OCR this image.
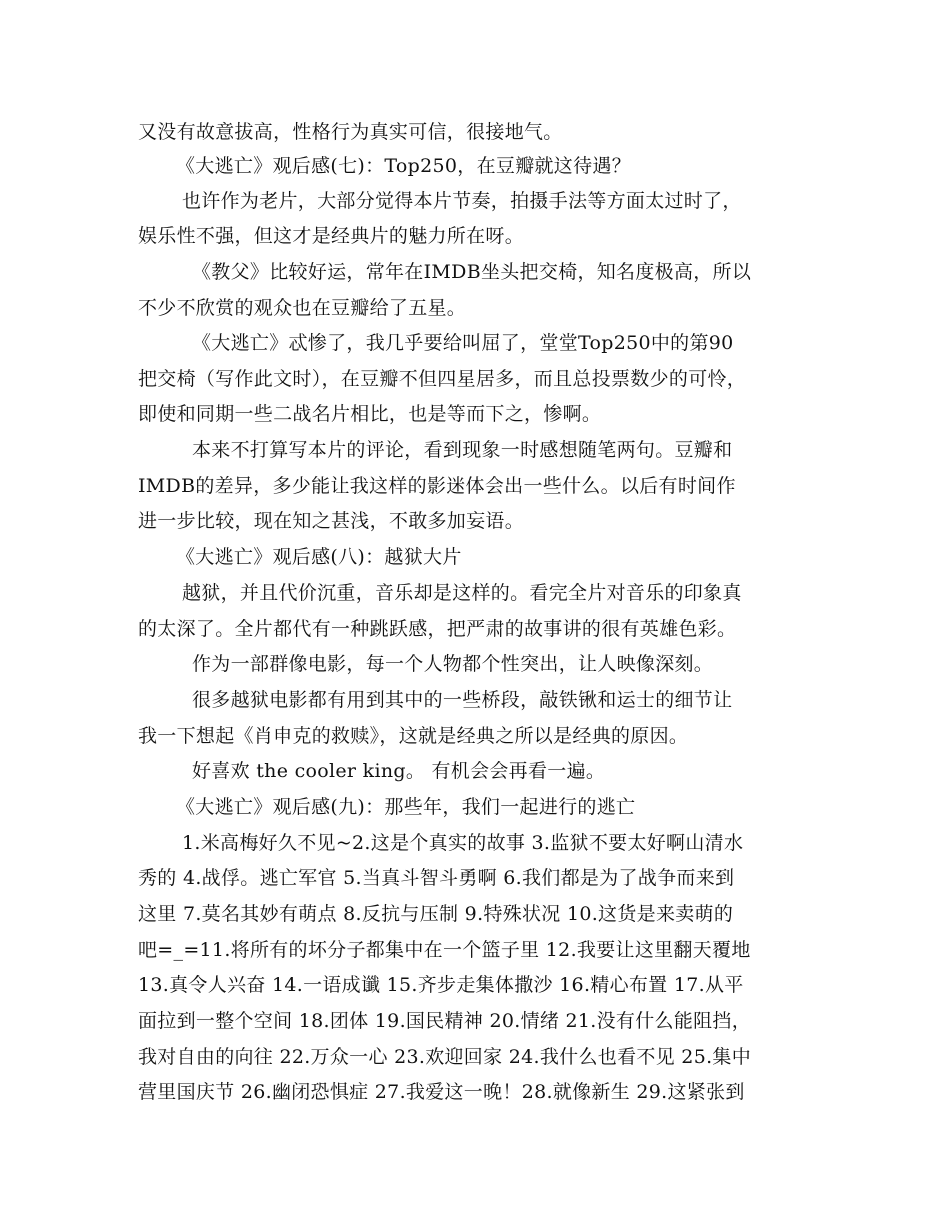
又没有故意拔高，性格行为真实可信，很接地气。
《大逃亡》观后感(七)：Top250，在豆瓣就这待遇？
也许作为老片，大部分觉得本片节奏，拍摄手法等方面太过时了，
娱乐性不强，但这才是经典片的魅力所在呀。
《教父》比较好运，常年在IMDB坐头把交椅，知名度极高，所以
不少不欣赏的观众也在豆瓣给了五星。
《大逃亡》忒惨了，我几乎要给叫屈了，堂堂Top250中的第90
把交椅（写作此文时），在豆瓣不但四星居多，而且总投票数少的可怜，
即使和同期一些二战名片相比，也是等而下之，惨啊。
本来不打算写本片的评论，看到现象一时感想随笔两句。豆瓣和
IMDB的差异，多少能让我这样的影迷体会出一些什么。以后有时间作
进一步比较，现在知之甚浅，不敢多加妄语。
《大逃亡》观后感(八)：越狱大片
越狱，并且代价沉重，音乐却是这样的。看完全片对音乐的印象真
的太深了。全片都代有一种跳跃感，把严肃的故事讲的很有英雄色彩。
作为一部群像电影，每一个人物都个性突出，让人映像深刻。
很多越狱电影都有用到其中的一些桥段，敲铁锹和运士的细节让
我一下想起《肖申克的救赎》，这就是经典之所以是经典的原因。
好喜欢 the cooler king。 有机会会再看一遍。
《大逃亡》观后感(九)：那些年，我们一起进行的逃亡
1.米高梅好久不见~2.这是个真实的故事 3.监狱不要太好啊山清水
秀的 4.战俘。逃亡军官 5.当真斗智斗勇啊 6.我们都是为了战争而来到
这里 7.莫名其妙有萌点 8.反抗与压制 9.特殊状况 10.这货是来卖萌的
吧=_=11.将所有的坏分子都集中在一个篮子里 12.我要让这里翻天覆地
13.真令人兴奋 14.一语成谶 15.齐步走集体撒沙 16.精心布置 17.从平
面拉到一整个空间 18.团体 19.国民精神 20.情绪 21.没有什么能阻挡，
我对自由的向往 22.万众一心 23.欢迎回家 24.我什么也看不见 25.集中
营里国庆节 26.幽闭恐惧症 27.我爱这一晚！28.就像新生 29.这紧张到
